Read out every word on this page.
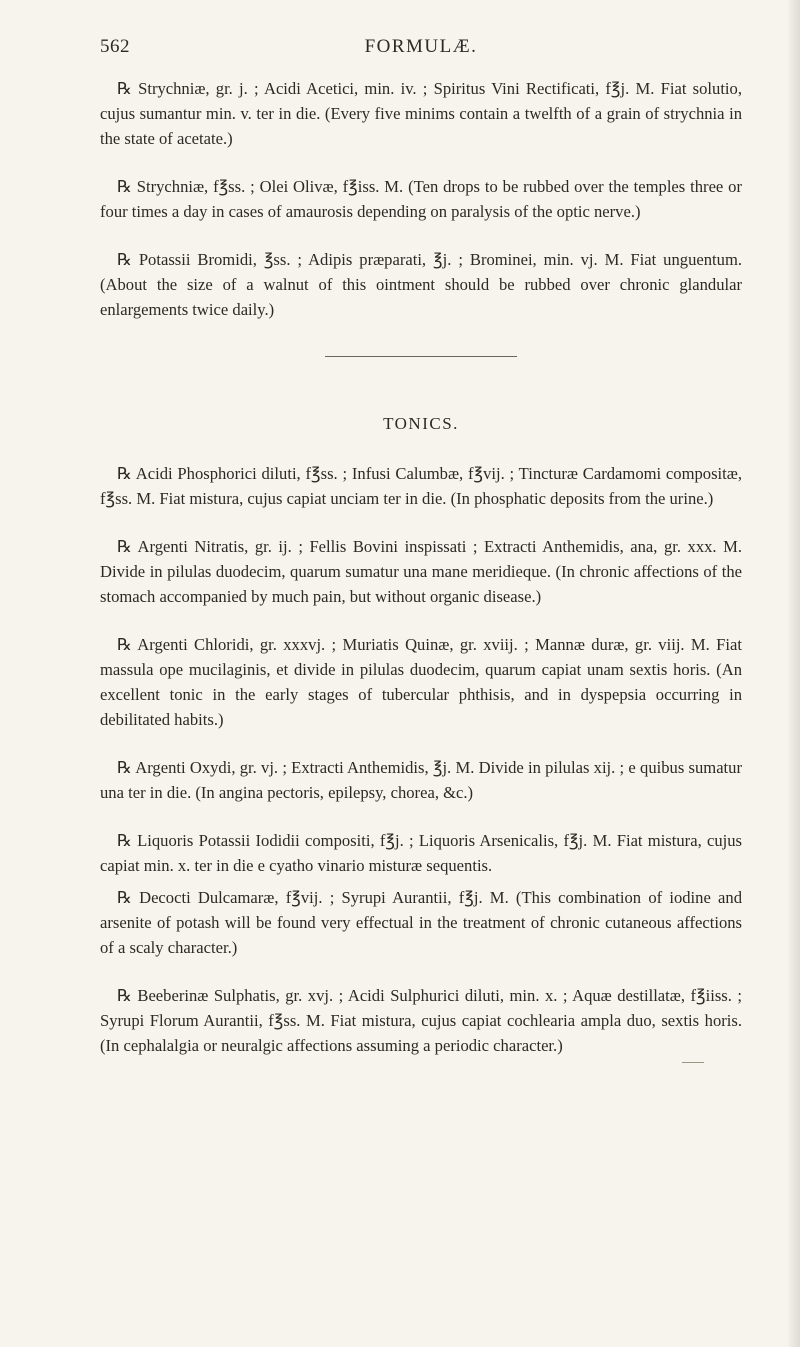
562	FORMULÆ.

℞ Strychniæ, gr. j. ; Acidi Acetici, min. iv. ; Spiritus Vini Rectificati, f℥j. M. Fiat solutio, cujus sumantur min. v. ter in die. (Every five minims contain a twelfth of a grain of strychnia in the state of acetate.)

℞ Strychniæ, f℥ss. ; Olei Olivæ, f℥iss. M. (Ten drops to be rubbed over the temples three or four times a day in cases of amaurosis depending on paralysis of the optic nerve.)

℞ Potassii Bromidi, ℥ss. ; Adipis præparati, ℥j. ; Brominei, min. vj. M. Fiat unguentum. (About the size of a walnut of this ointment should be rubbed over chronic glandular enlargements twice daily.)

TONICS.

℞ Acidi Phosphorici diluti, f℥ss. ; Infusi Calumbæ, f℥vij. ; Tincturæ Cardamomi compositæ, f℥ss. M. Fiat mistura, cujus capiat unciam ter in die. (In phosphatic deposits from the urine.)

℞ Argenti Nitratis, gr. ij. ; Fellis Bovini inspissati ; Extracti Anthemidis, ana, gr. xxx. M. Divide in pilulas duodecim, quarum sumatur una mane meridieque. (In chronic affections of the stomach accompanied by much pain, but without organic disease.)

℞ Argenti Chloridi, gr. xxxvj. ; Muriatis Quinæ, gr. xviij. ; Mannæ duræ, gr. viij. M. Fiat massula ope mucilaginis, et divide in pilulas duodecim, quarum capiat unam sextis horis. (An excellent tonic in the early stages of tubercular phthisis, and in dyspepsia occurring in debilitated habits.)

℞ Argenti Oxydi, gr. vj. ; Extracti Anthemidis, ℥j. M. Divide in pilulas xij. ; e quibus sumatur una ter in die. (In angina pectoris, epilepsy, chorea, &c.)

℞ Liquoris Potassii Iodidii compositi, f℥j. ; Liquoris Arsenicalis, f℥j. M. Fiat mistura, cujus capiat min. x. ter in die e cyatho vinario misturæ sequentis.

℞ Decocti Dulcamaræ, f℥vij. ; Syrupi Aurantii, f℥j. M. (This combination of iodine and arsenite of potash will be found very effectual in the treatment of chronic cutaneous affections of a scaly character.)

℞ Beeberinæ Sulphatis, gr. xvj. ; Acidi Sulphurici diluti, min. x. ; Aquæ destillatæ, f℥iiss. ; Syrupi Florum Aurantii, f℥ss. M. Fiat mistura, cujus capiat cochlearia ampla duo, sextis horis. (In cephalalgia or neuralgic affections assuming a periodic character.)
